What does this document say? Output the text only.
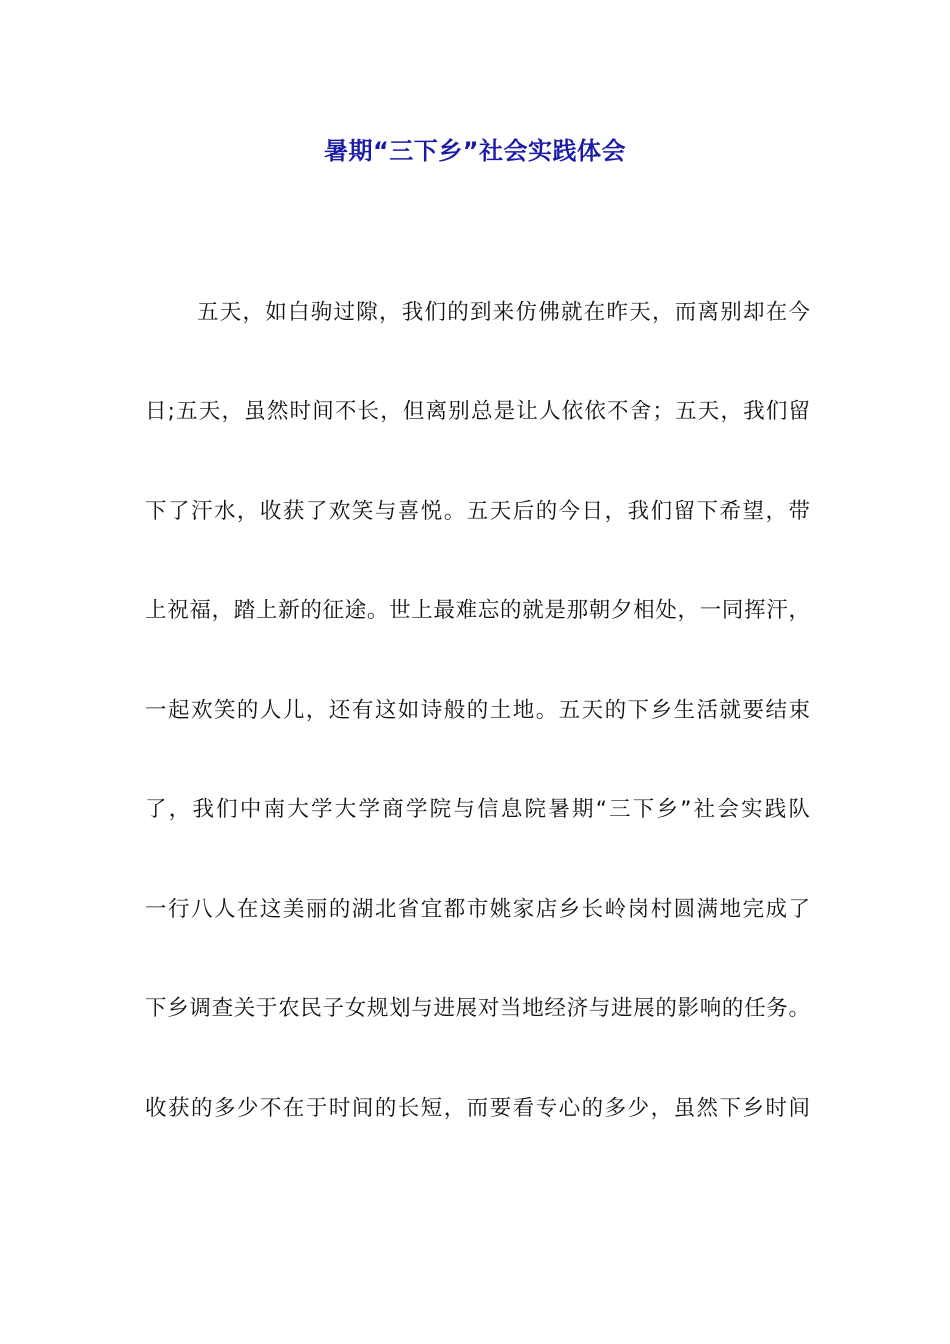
暑期“三下乡”社会实践体会
五天，如白驹过隙，我们的到来仿佛就在昨天，而离别却在今
日;五天，虽然时间不长，但离别总是让人依依不舍；五天，我们留
下了汗水，收获了欢笑与喜悦。五天后的今日，我们留下希望，带
上祝福，踏上新的征途。世上最难忘的就是那朝夕相处，一同挥汗，
一起欢笑的人儿，还有这如诗般的土地。五天的下乡生活就要结束
了，我们中南大学大学商学院与信息院暑期“三下乡”社会实践队
一行八人在这美丽的湖北省宜都市姚家店乡长岭岗村圆满地完成了
下乡调查关于农民子女规划与进展对当地经济与进展的影响的任务。
收获的多少不在于时间的长短，而要看专心的多少，虽然下乡时间
